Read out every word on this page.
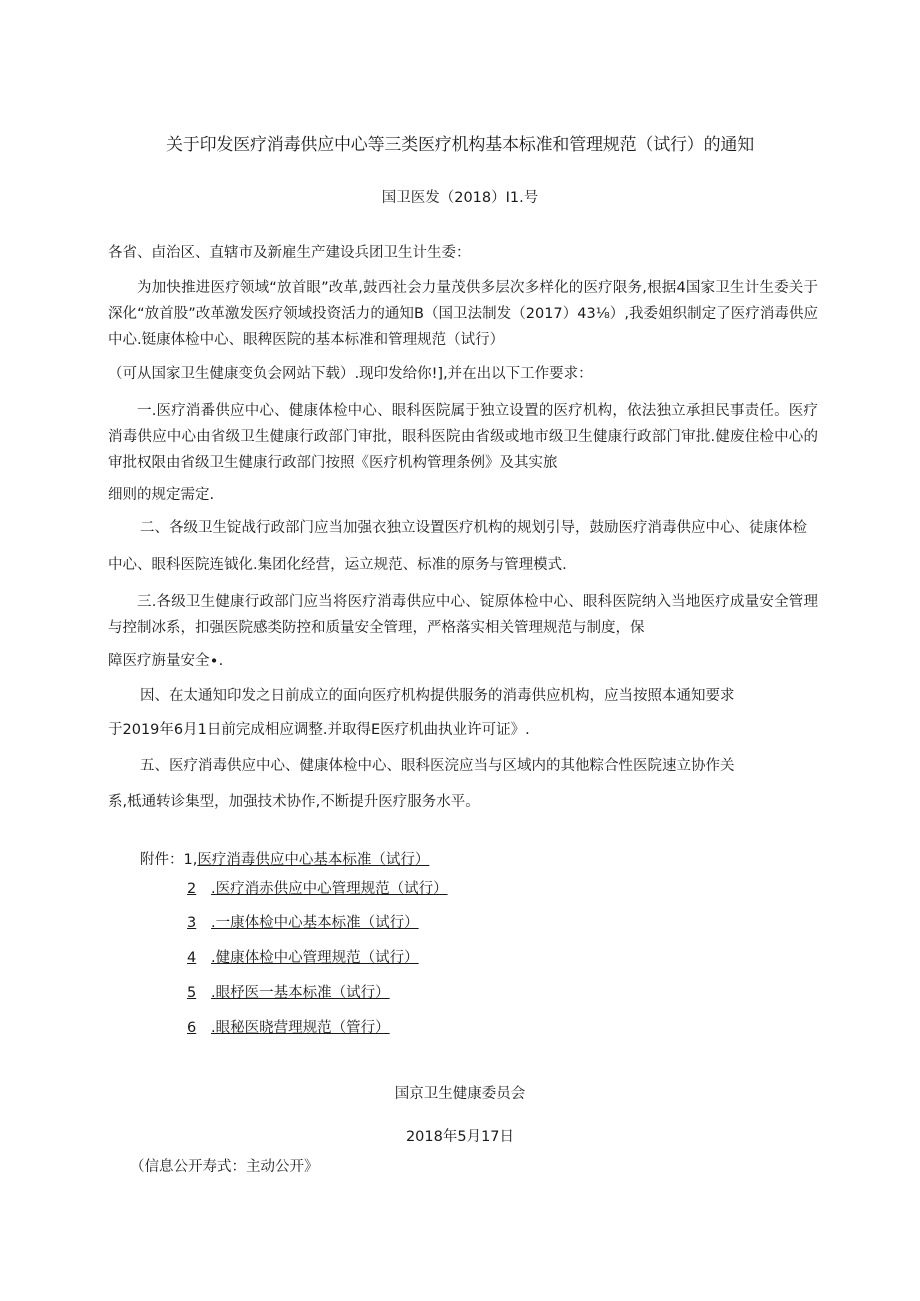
关于印发医疗消毒供应中心等三类医疗机构基本标准和管理规范（试行）的通知
国卫医发（2018）I1.号
各省、卣治区、直辖市及新雇生产建设兵团卫生计生委：
为加快推进医疗领域“放首眼”改革,鼓西社会力量茂供多层次多样化的医疗限务,根据4国家卫生计生委关于深化“放首股”改革激发医疗领域投资活力的通知B（国卫法制发（2017）43⅛）,我委姐织制定了医疗消毒供应中心.铤康体检中心、眼稗医院的基本标准和管理规范（试行）
（可从国家卫生健康变负会网站下载）.现印发给你!],并在出以下工作要求：
一.医疗消番供应中心、健康体检中心、眼科医院属于独立设置的医疗机构，依法独立承担民事责任。医疗消毒供应中心由省级卫生健康行政部门审批，眼科医院由省级或地市级卫生健康行政部门审批.健废住检中心的审批权限由省级卫生健康行政部门按照《医疗机构管理条例》及其实旅
细则的规定需定.
二、各级卫生锭战行政部门应当加强衣独立设置医疗机构的规划引导，鼓励医疗消毒供应中心、徒康体检
中心、眼科医院连钺化.集团化经营，运立规范、标准的原务与管理模式.
三.各级卫生健康行政部门应当将医疗消毒供应中心、锭原体检中心、眼科医院纳入当地医疗成量安全管理与控制冰系，扣强医院感类防控和质量安全管理，严格落实相关管理规范与制度，保
障医疗旃量安全∙.
因、在太通知印发之日前成立的面向医疗机构提供服务的消毒供应机构，应当按照本通知要求
于2019年6月1日前完成相应调整.并取得E医疗机曲执业许可证》.
五、医疗消毒供应中心、健康体检中心、眼科医浣应当与区域内的其他粽合性医院速立协作关
系,柢通转诊集型，加强技术协作,不断提升医疗服务水平。
附件：1,医疗消毒供应中心基本标准（试行）
2 .医疗消赤供应中心管理规范（试行）
3 .一康体检中心基本标准（试行）
4 .健康体检中心管理规范（试行）
5 .眼杼医一基本标准（试行）
6 .眼秘医晓营理规范（管行）
国京卫生健康委员会
2018年5月17日
（信息公开寿式：主动公开》
